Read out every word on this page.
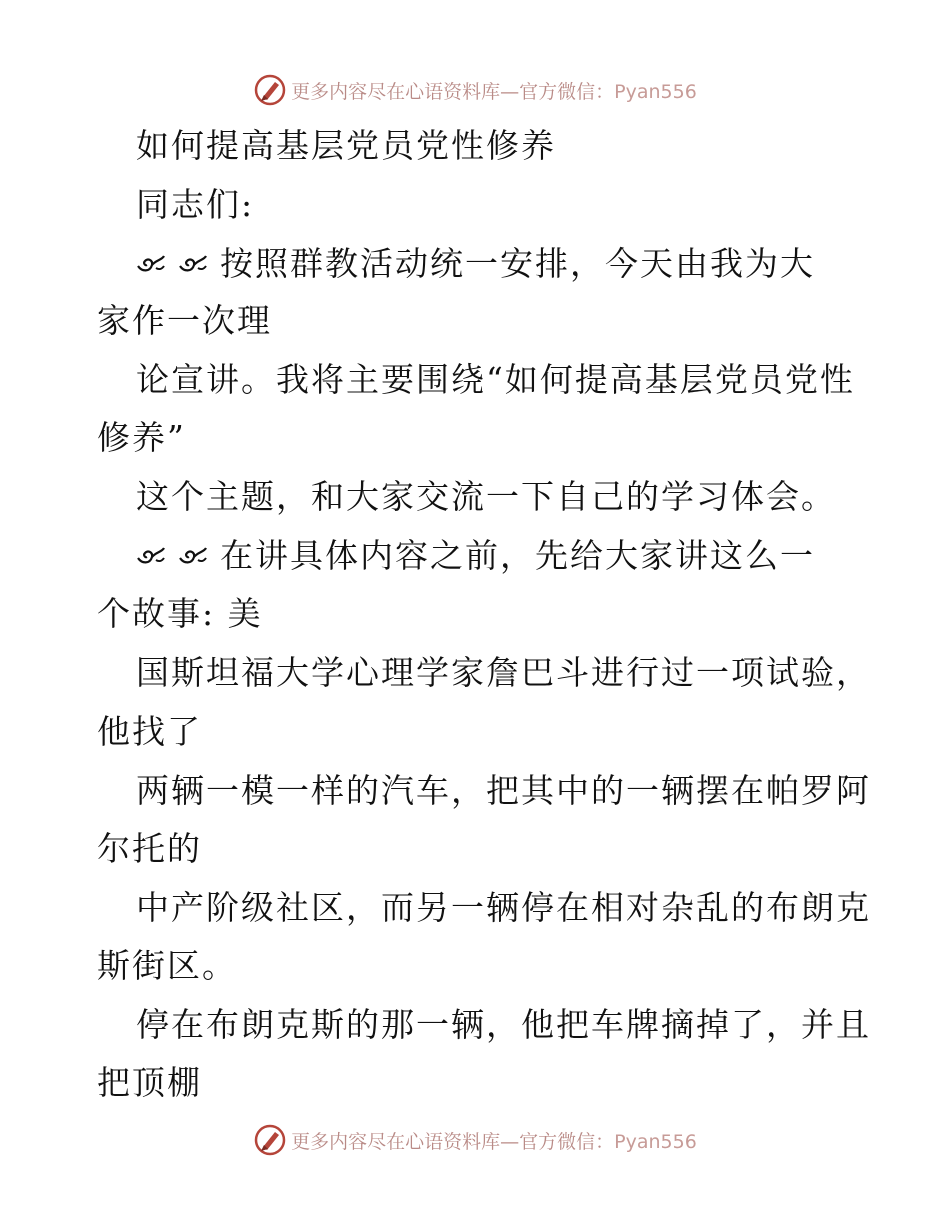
更多内容尽在心语资料库—官方微信：Pyan556
如何提高基层党员党性修养
同志们:
按照群教活动统一安排，今天由我为大
家作一次理
论宣讲。我将主要围绕“如何提高基层党员党性
修养”
这个主题，和大家交流一下自己的学习体会。
在讲具体内容之前，先给大家讲这么一
个故事: 美
国斯坦福大学心理学家詹巴斗进行过一项试验，
他找了
两辆一模一样的汽车，把其中的一辆摆在帕罗阿
尔托的
中产阶级社区，而另一辆停在相对杂乱的布朗克
斯街区。
停在布朗克斯的那一辆，他把车牌摘掉了，并且
把顶棚
更多内容尽在心语资料库—官方微信：Pyan556
